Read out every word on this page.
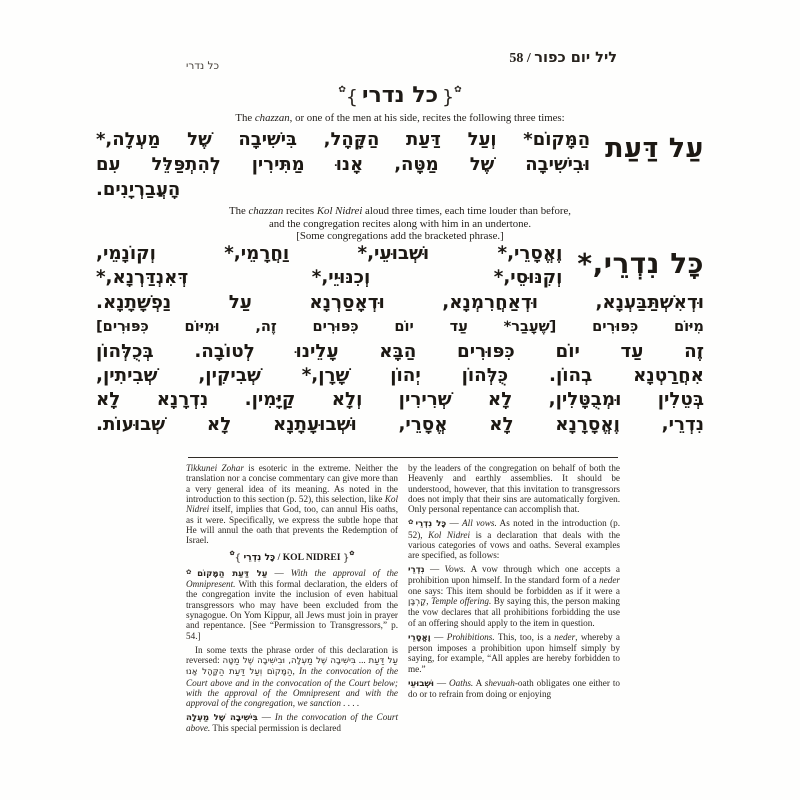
כל נדרי	58 / ליל יום כפור
✿{ כל נדרי }✿
The chazzan, or one of the men at his side, recites the following three times:
עַל דַּעַת
הַמָּקוֹם* וְעַל דַּעַת הַקָּהָל, בִּישִׁיבָה שֶׁל מַעְלָה,*
וּבִישִׁיבָה שֶׁל מַטָּה, אָנוּ מַתִּירִין לְהִתְפַּלֵּל עִם
הָעֲבַרְיָנִים.
The chazzan recites Kol Nidrei aloud three times, each time louder than before,
and the congregation recites along with him in an undertone.
[Some congregations add the bracketed phrase.]
כָּל נִדְרֵי,*
וֶאֱסָרֵי,* וּשְׁבוּעֵי,* וַחֲרָמֵי,* וְקוֹנָמֵי,
וְקִנּוּסֵי,* וְכִנּוּיֵי,* דְּאִנְדַּרְנָא,*
וּדְאִשְׁתַּבַּעְנָא, וּדְאַחֲרִמְנָא, וּדְאָסַרְנָא עַל נַפְשָׁתָנָא.
מִיּוֹם כִּפּוּרִים [שֶׁעָבַר* עַד יוֹם כִּפּוּרִים זֶה, וּמִיּוֹם כִּפּוּרִים]
זֶה עַד יוֹם כִּפּוּרִים הַבָּא עָלֵינוּ לְטוֹבָה. בְּכֻלְּהוֹן
אִחֲרַטְנָא בְהוֹן. כֻּלְּהוֹן יְהוֹן שָׁרָן,* שְׁבִיקִין, שְׁבִיתִין,
בְּטֵלִין וּמְבֻטָּלִין, לָא שְׁרִירִין וְלָא קַיָּמִין. נִדְרָנָא לָא
נִדְרֵי, וֶאֱסָרָנָא לָא אֱסָרֵי, וּשְׁבוּעָתָנָא לָא שְׁבוּעוֹת.

Tikkunei Zohar is esoteric in the extreme. Neither the translation nor a concise commentary can give more than a very general idea of its meaning. As noted in the introduction to this section (p. 52), this selection, like Kol Nidrei itself, implies that God, too, can annul His oaths, as it were. Specifically, we express the subtle hope that He will annul the oath that prevents the Redemption of Israel.

✿{ כָּל נִדְרֵי / KOL NIDREI }✿

✿עַל דַּעַת הַמָּקוֹם — With the approval of the Omnipresent. With this formal declaration, the elders of the congregation invite the inclusion of even habitual transgressors who may have been excluded from the synagogue. On Yom Kippur, all Jews must join in prayer and repentance. [See “Permission to Transgressors,” p. 54.]

In some texts the phrase order of this declaration is reversed: בִּישִׁיבָה שֶׁל מַעְלָה, וּבִישִׁיבָה שֶׁל מַטָּה ... עַל דַּעַת הַמָּקוֹם וְעַל דַּעַת הַקָּהָל אָנוּ, In the convocation of the Court above and in the convocation of the Court below; with the approval of the Omnipresent and with the approval of the congregation, we sanction . . . .

בִּישִׁיבָה שֶׁל מַעְלָה — In the convocation of the Court above. This special permission is declared

by the leaders of the congregation on behalf of both the Heavenly and earthly assemblies. It should be understood, however, that this invitation to transgressors does not imply that their sins are automatically forgiven. Only personal repentance can accomplish that.

✿כָּל נִדְרֵי — All vows. As noted in the introduction (p. 52), Kol Nidrei is a declaration that deals with the various categories of vows and oaths. Several examples are specified, as follows:

נִדְרֵי — Vows. A vow through which one accepts a prohibition upon himself. In the standard form of a neder one says: This item should be forbidden as if it were a קָרְבָּן, Temple offering. By saying this, the person making the vow declares that all prohibitions forbidding the use of an offering should apply to the item in question.

וֶאֱסָרֵי — Prohibitions. This, too, is a neder, whereby a person imposes a prohibition upon himself simply by saying, for example, “All apples are hereby forbidden to me.”

וּשְׁבוּעֵי — Oaths. A shevuah-oath obligates one either to do or to refrain from doing or enjoying
